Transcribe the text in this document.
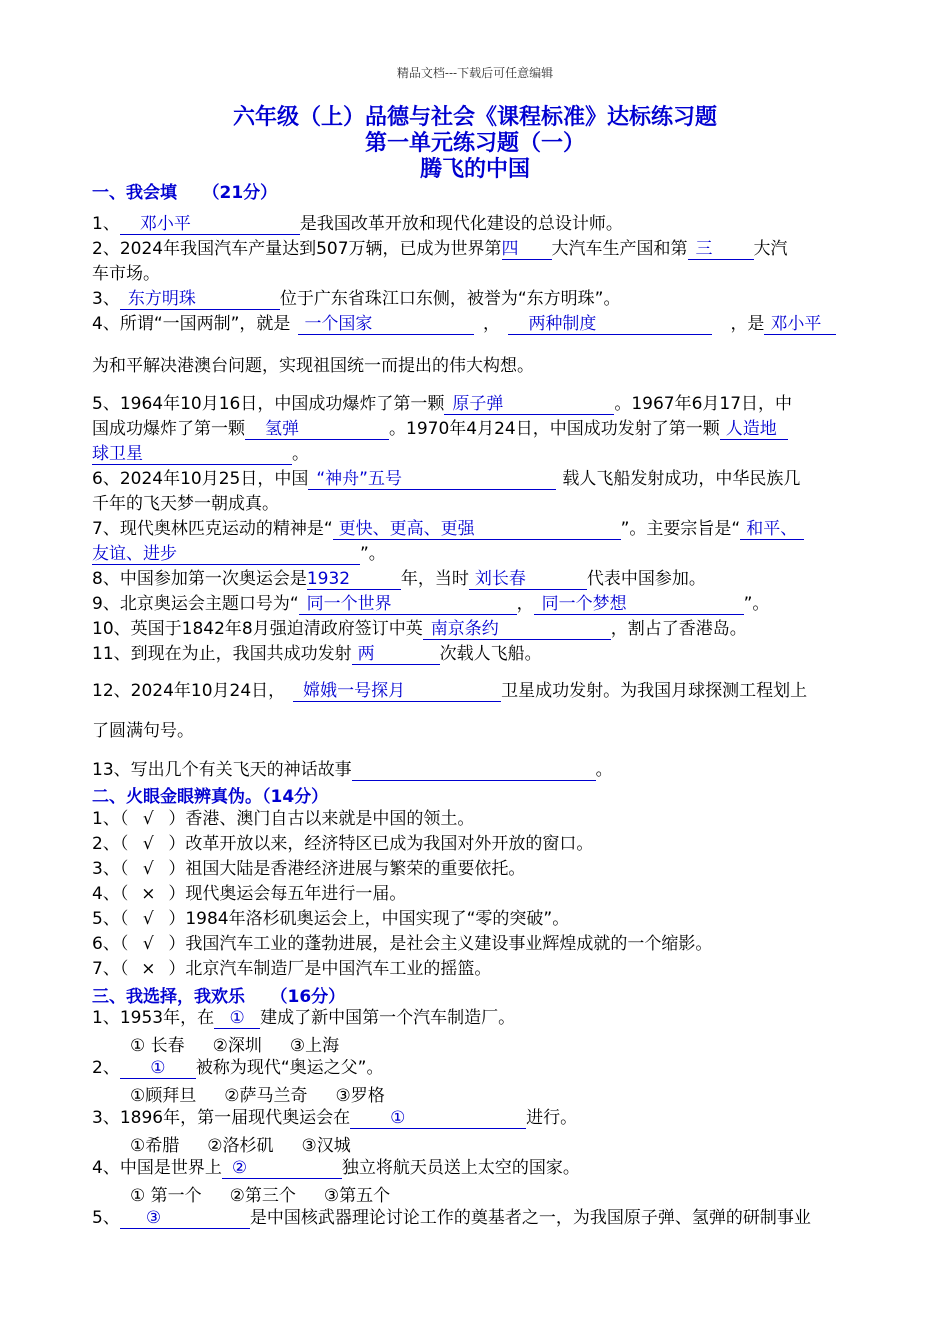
精品文档---下载后可任意编辑
六年级（上）品德与社会《课程标准》达标练习题
第一单元练习题（一）
腾飞的中国
一、我会填　　（21分）
1、 邓小平	是我国改革开放和现代化建设的总设计师。
2、2024年我国汽车产量达到507万辆，已成为世界第四 大汽车生产国和第 三 大汽
车市场。
3、 东方明珠	位于广东省珠江口东侧，被誉为“东方明珠”。
4、所谓“一国两制”，就是 一个国家	， 两种制度	，是 邓小平
为和平解决港澳台问题，实现祖国统一而提出的伟大构想。
5、1964年10月16日，中国成功爆炸了第一颗 原子弹	。1967年6月17日，中
国成功爆炸了第一颗 氢弹	。1970年4月24日，中国成功发射了第一颗 人造地
球卫星	。
6、2024年10月25日，中国 “神舟”五号	载人飞船发射成功，中华民族几
千年的飞天梦一朝成真。
7、现代奥林匹克运动的精神是“ 更快、更高、更强	”。主要宗旨是“ 和平、
友谊、进步	”。
8、中国参加第一次奥运会是1932	年，当时 刘长春	代表中国参加。
9、北京奥运会主题口号为“ 同一个世界	， 同一个梦想	”。
10、英国于1842年8月强迫清政府签订中英 南京条约	，割占了香港岛。
11、到现在为止，我国共成功发射 两	次载人飞船。
12、2024年10月24日， 嫦娥一号探月	卫星成功发射。为我国月球探测工程划上
了圆满句号。
13、写出几个有关飞天的神话故事	。
二、火眼金眼辨真伪。（14分）
1、（ √ ）香港、澳门自古以来就是中国的领土。
2、（ √ ）改革开放以来，经济特区已成为我国对外开放的窗口。
3、（ √ ）祖国大陆是香港经济进展与繁荣的重要依托。
4、（ × ）现代奥运会每五年进行一届。
5、（ √ ）1984年洛杉矶奥运会上，中国实现了“零的突破”。
6、（ √ ）我国汽车工业的蓬勃进展，是社会主义建设事业辉煌成就的一个缩影。
7、（ × ）北京汽车制造厂是中国汽车工业的摇篮。
三、我选择，我欢乐　　（16分）
1、1953年，在 ① 建成了新中国第一个汽车制造厂。
① 长春 ②深圳 ③上海
2、 ① 被称为现代“奥运之父”。
①顾拜旦 ②萨马兰奇 ③罗格
3、1896年，第一届现代奥运会在 ①	进行。
①希腊 ②洛杉矶 ③汉城
4、中国是世界上 ②	独立将航天员送上太空的国家。
① 第一个 ②第三个 ③第五个
5、 ③	是中国核武器理论讨论工作的奠基者之一，为我国原子弹、氢弹的研制事业
